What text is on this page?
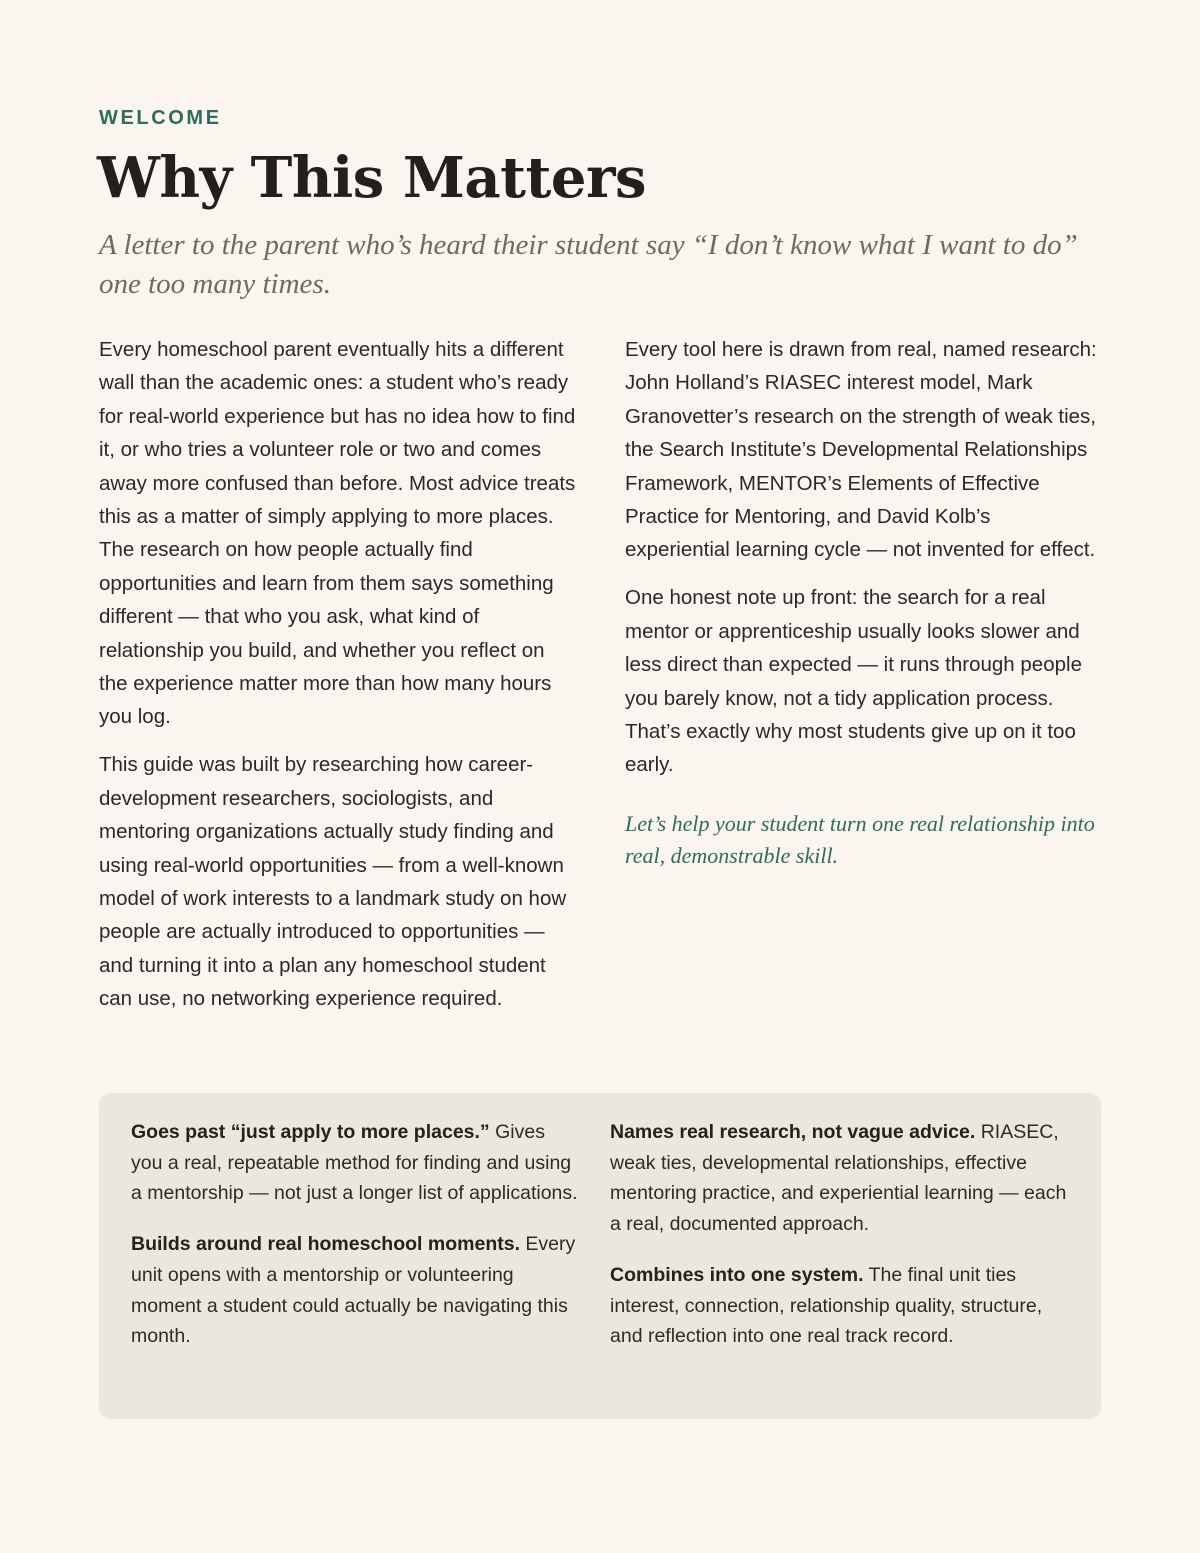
WELCOME
Why This Matters

A letter to the parent who’s heard their student say “I don’t know what I want to do” one too many times.

Every homeschool parent eventually hits a different wall than the academic ones: a student who’s ready for real-world experience but has no idea how to find it, or who tries a volunteer role or two and comes away more confused than before. Most advice treats this as a matter of simply applying to more places. The research on how people actually find opportunities and learn from them says something different — that who you ask, what kind of relationship you build, and whether you reflect on the experience matter more than how many hours you log.

This guide was built by researching how career-development researchers, sociologists, and mentoring organizations actually study finding and using real-world opportunities — from a well-known model of work interests to a landmark study on how people are actually introduced to opportunities — and turning it into a plan any homeschool student can use, no networking experience required.

Every tool here is drawn from real, named research: John Holland’s RIASEC interest model, Mark Granovetter’s research on the strength of weak ties, the Search Institute’s Developmental Relationships Framework, MENTOR’s Elements of Effective Practice for Mentoring, and David Kolb’s experiential learning cycle — not invented for effect.

One honest note up front: the search for a real mentor or apprenticeship usually looks slower and less direct than expected — it runs through people you barely know, not a tidy application process. That’s exactly why most students give up on it too early.

Let’s help your student turn one real relationship into real, demonstrable skill.

Goes past “just apply to more places.” Gives you a real, repeatable method for finding and using a mentorship — not just a longer list of applications.

Builds around real homeschool moments. Every unit opens with a mentorship or volunteering moment a student could actually be navigating this month.

Names real research, not vague advice. RIASEC, weak ties, developmental relationships, effective mentoring practice, and experiential learning — each a real, documented approach.

Combines into one system. The final unit ties interest, connection, relationship quality, structure, and reflection into one real track record.
